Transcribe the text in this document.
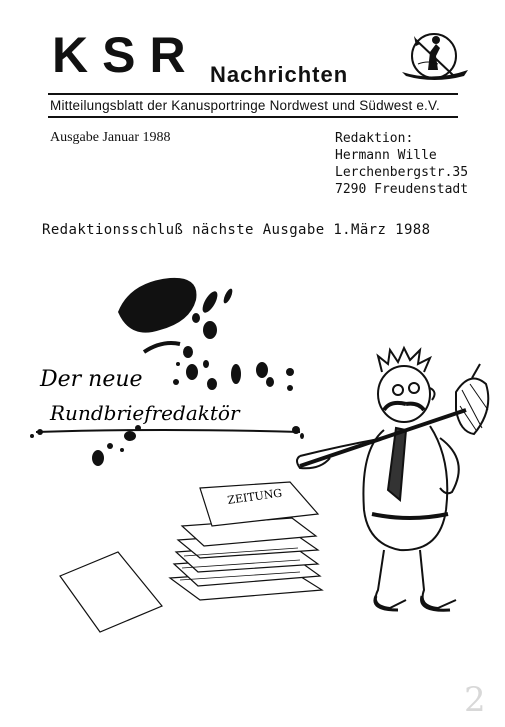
KSR Nachrichten
Mitteilungsblatt der Kanusportringe Nordwest und Südwest e.V.
Ausgabe Januar 1988	Redaktion:
Hermann Wille
Lerchenbergstr.35
7290 Freudenstadt
Redaktionsschluß nächste Ausgabe 1.März 1988
Der neue
Rundbriefredaktör
ZEITUNG
2
